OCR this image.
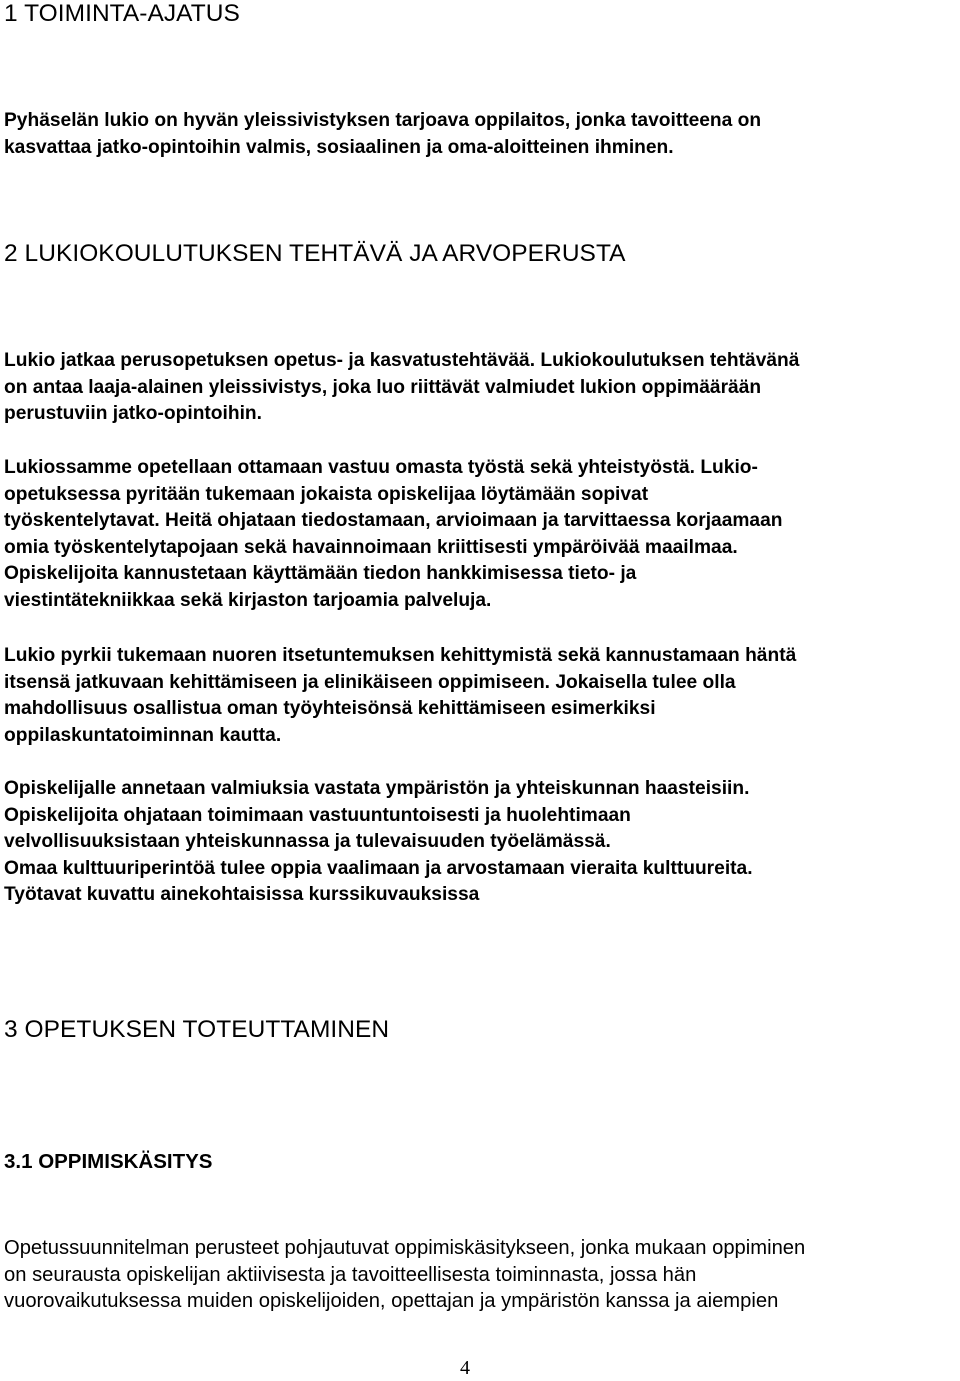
1 TOIMINTA-AJATUS

Pyhäselän lukio on hyvän yleissivistyksen tarjoava oppilaitos, jonka tavoitteena on
kasvattaa jatko-opintoihin valmis, sosiaalinen ja oma-aloitteinen ihminen.

2 LUKIOKOULUTUKSEN TEHTÄVÄ JA ARVOPERUSTA

Lukio jatkaa perusopetuksen opetus- ja kasvatustehtävää. Lukiokoulutuksen tehtävänä
on antaa laaja-alainen yleissivistys, joka luo riittävät valmiudet lukion oppimäärään
perustuviin jatko-opintoihin.

Lukiossamme opetellaan ottamaan vastuu omasta työstä sekä yhteistyöstä. Lukio-
opetuksessa pyritään tukemaan jokaista opiskelijaa löytämään sopivat
työskentelytavat. Heitä ohjataan tiedostamaan, arvioimaan ja tarvittaessa korjaamaan
omia työskentelytapojaan sekä havainnoimaan kriittisesti ympäröivää maailmaa.
Opiskelijoita kannustetaan käyttämään tiedon hankkimisessa tieto- ja
viestintätekniikkaa sekä kirjaston tarjoamia palveluja.

Lukio pyrkii tukemaan nuoren itsetuntemuksen kehittymistä sekä kannustamaan häntä
itsensä jatkuvaan kehittämiseen ja elinikäiseen oppimiseen. Jokaisella tulee olla
mahdollisuus osallistua oman työyhteisönsä kehittämiseen esimerkiksi
oppilaskuntatoiminnan kautta.

Opiskelijalle annetaan valmiuksia vastata ympäristön ja yhteiskunnan haasteisiin.
Opiskelijoita ohjataan toimimaan vastuuntuntoisesti ja huolehtimaan
velvollisuuksistaan yhteiskunnassa ja tulevaisuuden työelämässä.
Omaa kulttuuriperintöä tulee oppia vaalimaan ja arvostamaan vieraita kulttuureita.
Työtavat kuvattu ainekohtaisissa kurssikuvauksissa

3 OPETUKSEN TOTEUTTAMINEN
3.1 OPPIMISKÄSITYS

Opetussuunnitelman perusteet pohjautuvat oppimiskäsitykseen, jonka mukaan oppiminen
on seurausta opiskelijan aktiivisesta ja tavoitteellisesta toiminnasta, jossa hän
vuorovaikutuksessa muiden opiskelijoiden, opettajan ja ympäristön kanssa ja aiempien

4
